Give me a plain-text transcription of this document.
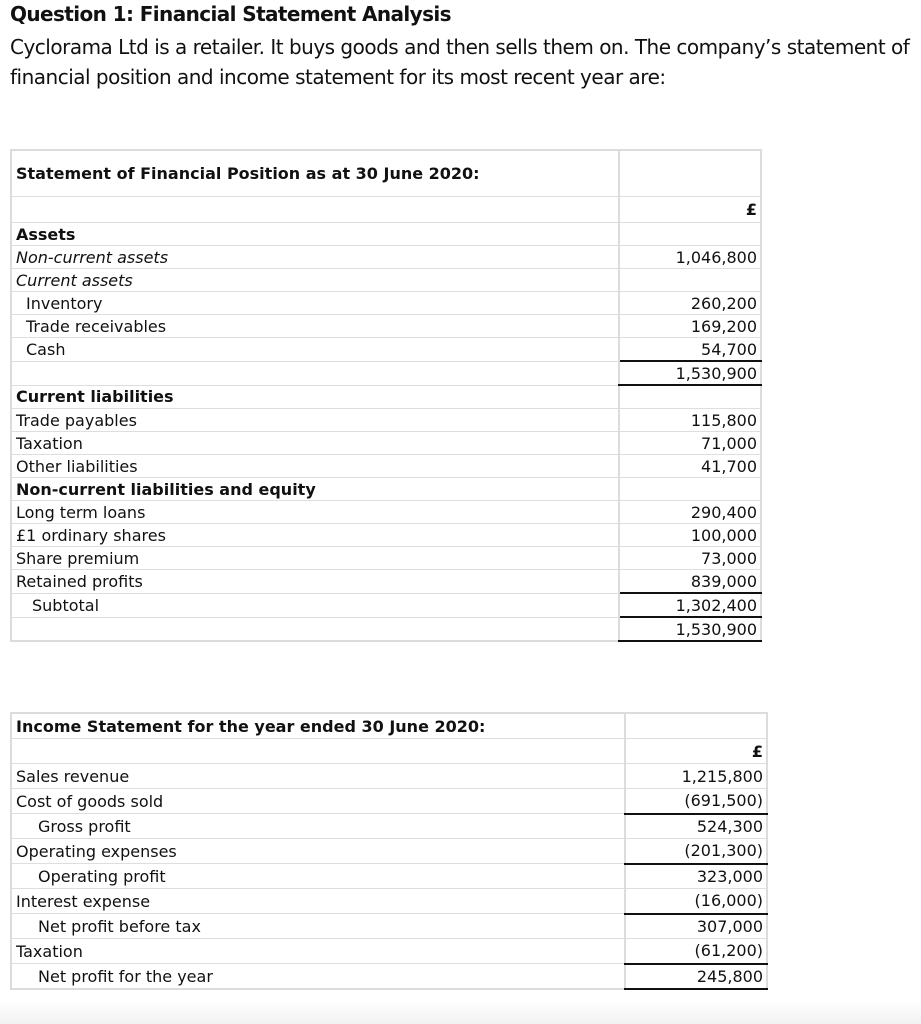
Question 1: Financial Statement Analysis
Cyclorama Ltd is a retailer. It buys goods and then sells them on. The company’s statement of financial position and income statement for its most recent year are:
Statement of Financial Position as at 30 June 2020:	
	£
Assets	
Non-current assets	1,046,800
Current assets	
Inventory	260,200
Trade receivables	169,200
Cash	54,700
	1,530,900
Current liabilities	
Trade payables	115,800
Taxation	71,000
Other liabilities	41,700
Non-current liabilities and equity	
Long term loans	290,400
£1 ordinary shares	100,000
Share premium	73,000
Retained profits	839,000
Subtotal	1,302,400
	1,530,900
Income Statement for the year ended 30 June 2020:	
	£
Sales revenue	1,215,800
Cost of goods sold	(691,500)
Gross profit	524,300
Operating expenses	(201,300)
Operating profit	323,000
Interest expense	(16,000)
Net profit before tax	307,000
Taxation	(61,200)
Net profit for the year	245,800
